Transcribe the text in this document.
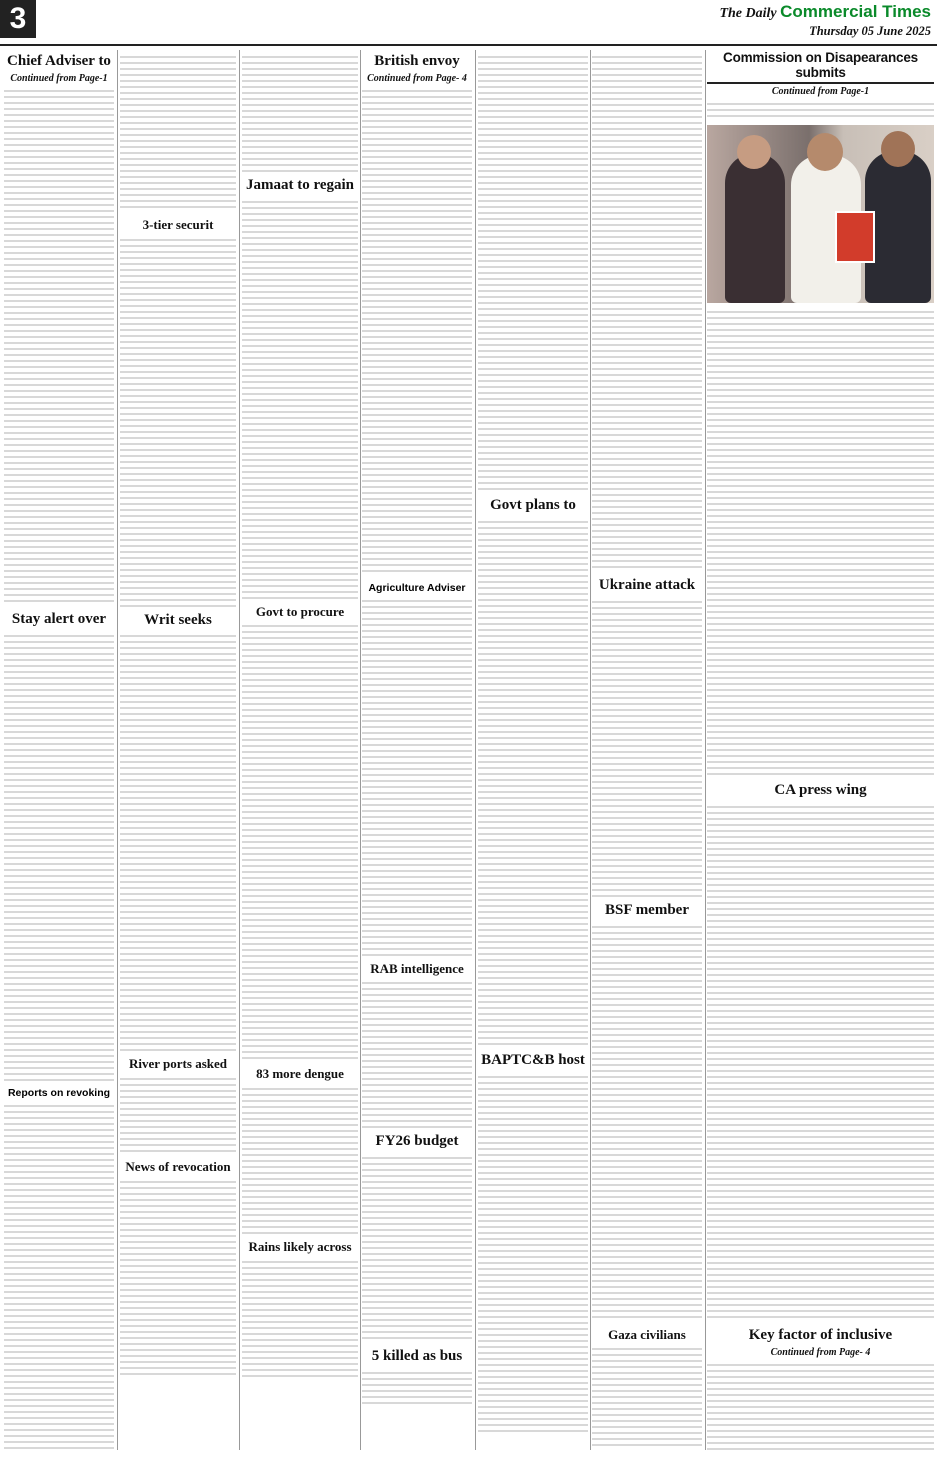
3	The Daily Commercial Times
Thursday 05 June 2025
Chief Adviser to
Continued from Page-1
Stay alert over
Reports on revoking
3-tier securit
Writ seeks
River ports asked
News of revocation
Jamaat to regain
Govt to procure
83 more dengue
Rains likely across
British envoy
Continued from Page- 4
Agriculture Adviser
RAB intelligence
FY26 budget
5 killed as bus
Govt plans to
BAPTC&B host
Ukraine attack
BSF member
Gaza civilians
Commission on Disapearances submits
Continued from Page-1
CA press wing
Key factor of inclusive
Continued from Page- 4
